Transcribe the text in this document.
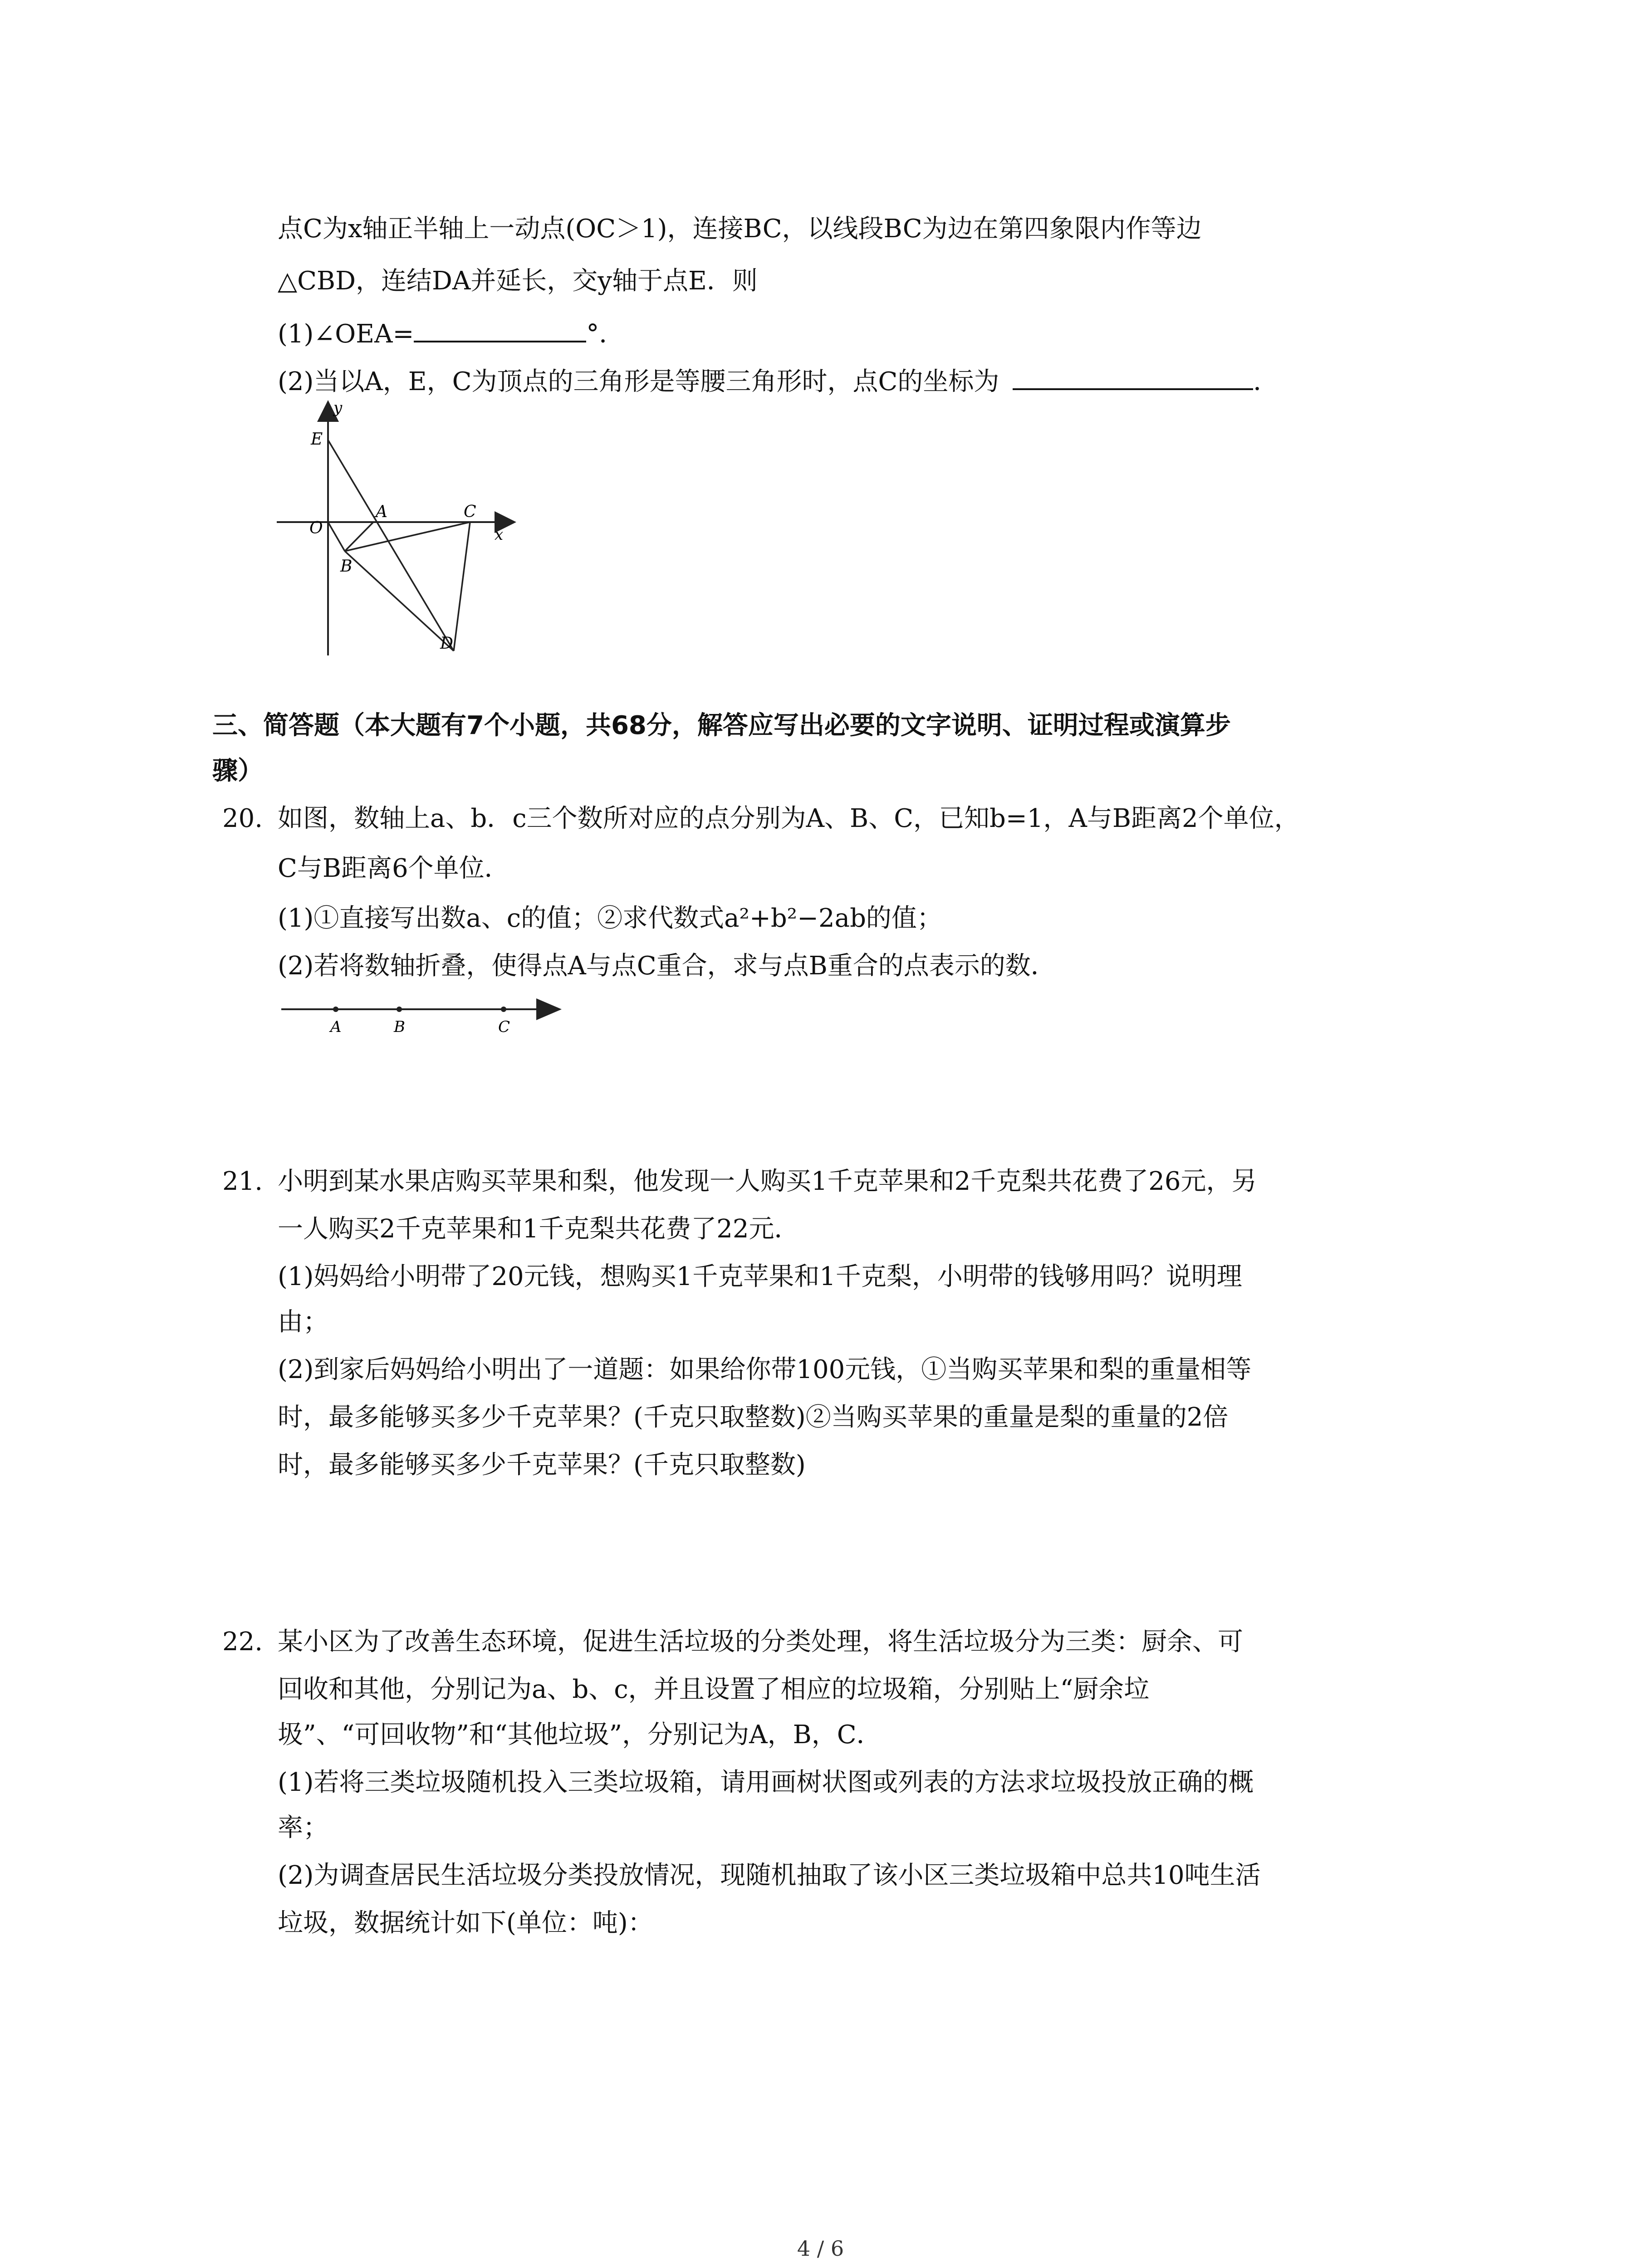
点C为x轴正半轴上一动点(OC＞1)，连接BC，以线段BC为边在第四象限内作等边
△CBD，连结DA并延长，交y轴于点E．则
(1)∠OEA=	°．
(2)当以A，E，C为顶点的三角形是等腰三角形时，点C的坐标为	．
y
x
E
O
A	C
B
D
三、简答题（本大题有7个小题，共68分，解答应写出必要的文字说明、证明过程或演算步
骤）
20. 如图，数轴上a、b．c三个数所对应的点分别为A、B、C，已知b=1，A与B距离2个单位，
C与B距离6个单位．
(1)①直接写出数a、c的值；②求代数式a²+b²−2ab的值；
(2)若将数轴折叠，使得点A与点C重合，求与点B重合的点表示的数．
A	B	C
21. 小明到某水果店购买苹果和梨，他发现一人购买1千克苹果和2千克梨共花费了26元，另
一人购买2千克苹果和1千克梨共花费了22元．
(1)妈妈给小明带了20元钱，想购买1千克苹果和1千克梨，小明带的钱够用吗？说明理
由；
(2)到家后妈妈给小明出了一道题：如果给你带100元钱，①当购买苹果和梨的重量相等
时，最多能够买多少千克苹果？(千克只取整数)②当购买苹果的重量是梨的重量的2倍
时，最多能够买多少千克苹果？(千克只取整数)
22. 某小区为了改善生态环境，促进生活垃圾的分类处理，将生活垃圾分为三类：厨余、可
回收和其他，分别记为a、b、c，并且设置了相应的垃圾箱，分别贴上“厨余垃
圾”、“可回收物”和“其他垃圾”，分别记为A，B，C．
(1)若将三类垃圾随机投入三类垃圾箱，请用画树状图或列表的方法求垃圾投放正确的概
率；
(2)为调查居民生活垃圾分类投放情况，现随机抽取了该小区三类垃圾箱中总共10吨生活
垃圾，数据统计如下(单位：吨)：
4 / 6
